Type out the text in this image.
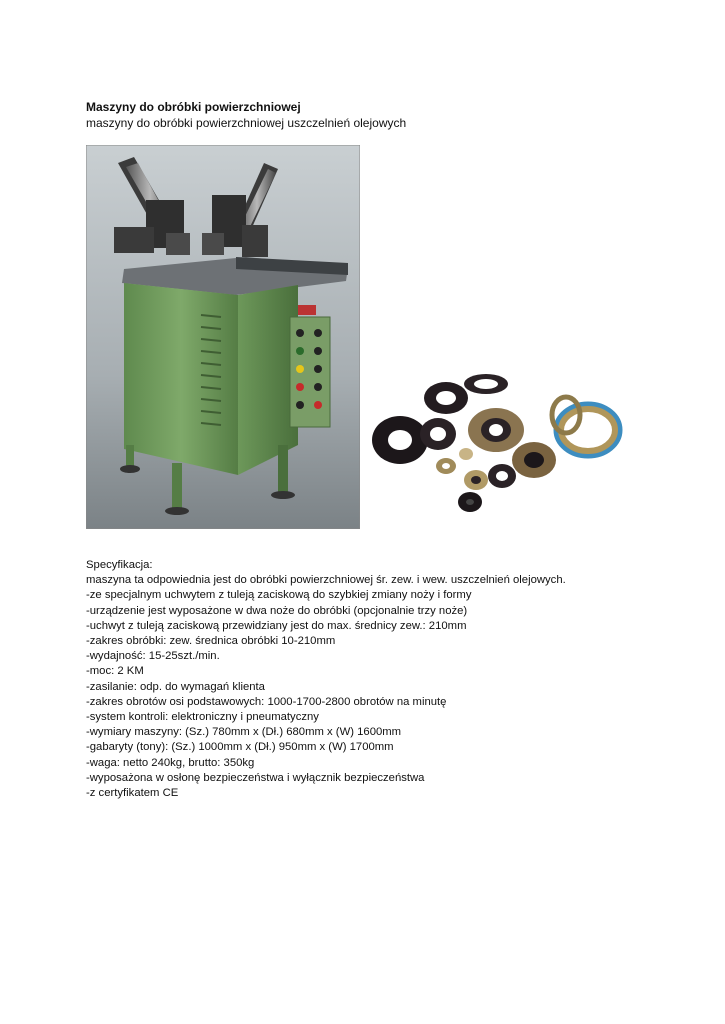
Maszyny do obróbki powierzchniowej
maszyny do obróbki powierzchniowej uszczelnień olejowych
Specyfikacja:
maszyna ta odpowiednia jest do obróbki powierzchniowej śr. zew. i wew. uszczelnień olejowych.
-ze specjalnym uchwytem z tuleją zaciskową do szybkiej zmiany noży i formy
-urządzenie jest wyposażone w dwa noże do obróbki (opcjonalnie trzy noże)
-uchwyt z tuleją zaciskową przewidziany jest do max. średnicy zew.: 210mm
-zakres obróbki: zew. średnica obróbki 10-210mm
-wydajność: 15-25szt./min.
-moc: 2 KM
-zasilanie: odp. do wymagań klienta
-zakres obrotów osi podstawowych: 1000-1700-2800 obrotów na minutę
-system kontroli: elektroniczny i pneumatyczny
-wymiary maszyny: (Sz.) 780mm x (Dł.) 680mm x (W) 1600mm
-gabaryty (tony): (Sz.) 1000mm x (Dł.) 950mm x (W) 1700mm
-waga: netto 240kg, brutto: 350kg
-wyposażona w osłonę bezpieczeństwa i wyłącznik bezpieczeństwa
-z certyfikatem CE
